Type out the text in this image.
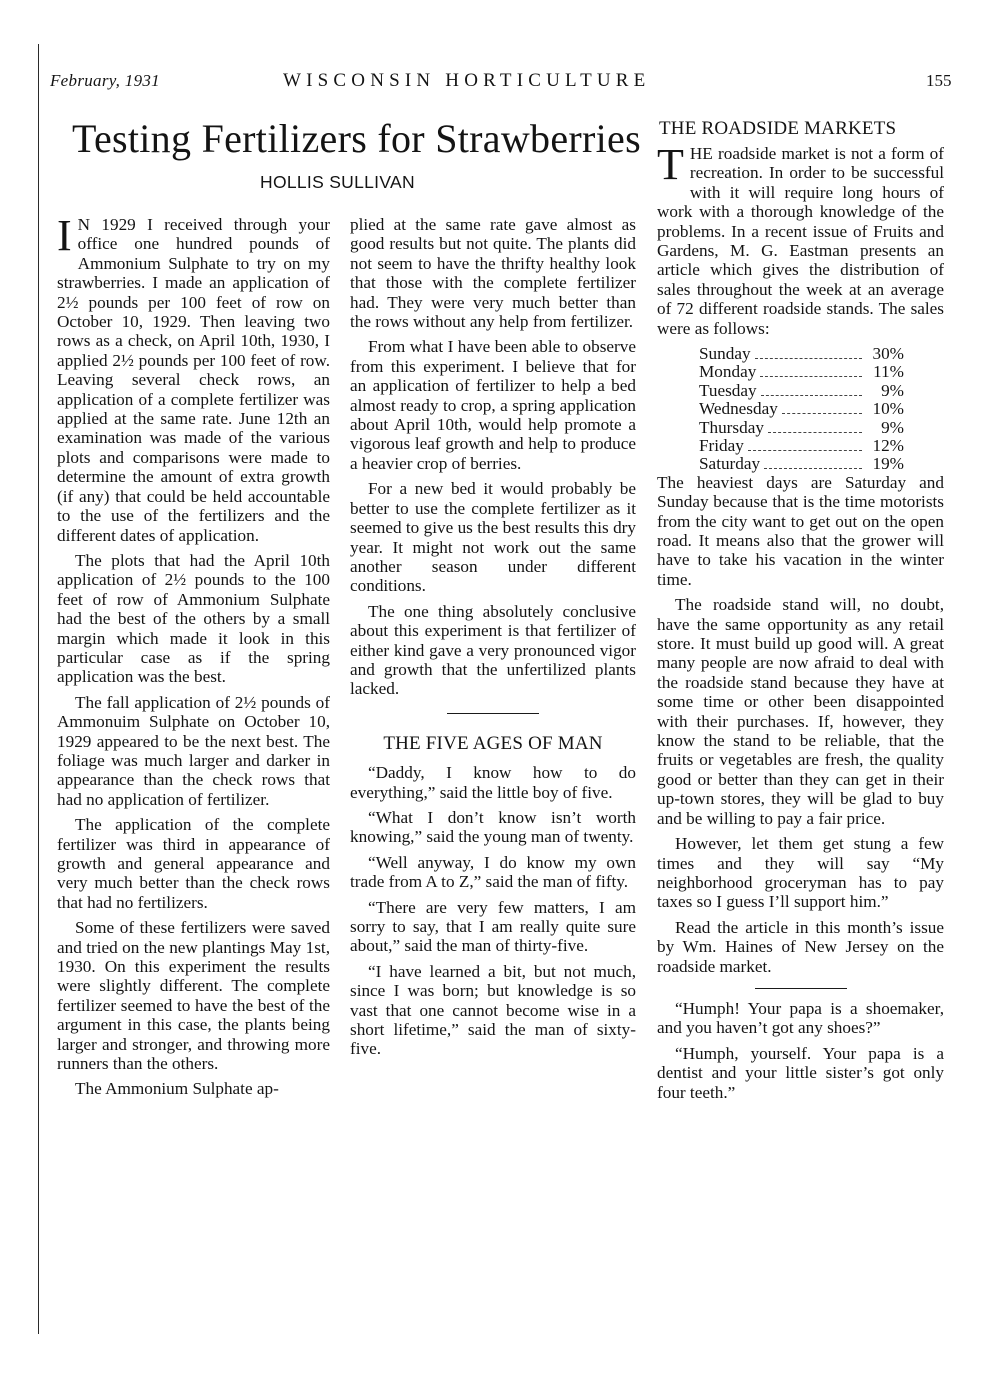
February, 1931	WISCONSIN HORTICULTURE	155
Testing Fertilizers for Strawberries
HOLLIS SULLIVAN

I N 1929 I received through your office one hundred pounds of Ammonium Sulphate to try on my strawberries. I made an application of 2½ pounds per 100 feet of row on October 10, 1929. Then leaving two rows as a check, on April 10th, 1930, I applied 2½ pounds per 100 feet of row. Leaving several check rows, an application of a complete fertilizer was applied at the same rate. June 12th an examination was made of the various plots and comparisons were made to determine the amount of extra growth (if any) that could be held accountable to the use of the fertilizers and the different dates of application.

The plots that had the April 10th application of 2½ pounds to the 100 feet of row of Ammonium Sulphate had the best of the others by a small margin which made it look in this particular case as if the spring application was the best.

The fall application of 2½ pounds of Ammonuim Sulphate on October 10, 1929 appeared to be the next best. The foliage was much larger and darker in appearance than the check rows that had no application of fertilizer.

The application of the complete fertilizer was third in appearance of growth and general appearance and very much better than the check rows that had no fertilizers.

Some of these fertilizers were saved and tried on the new plantings May 1st, 1930. On this experiment the results were slightly different. The complete fertilizer seemed to have the best of the argument in this case, the plants being larger and stronger, and throwing more runners than the others.

The Ammonium Sulphate ap-

plied at the same rate gave almost as good results but not quite. The plants did not seem to have the thrifty healthy look that those with the complete fertilizer had. They were very much better than the rows without any help from fertilizer.

From what I have been able to observe from this experiment. I believe that for an application of fertilizer to help a bed almost ready to crop, a spring application about April 10th, would help promote a vigorous leaf growth and help to produce a heavier crop of berries.

For a new bed it would probably be better to use the complete fertilizer as it seemed to give us the best results this dry year. It might not work out the same another season under different conditions.

The one thing absolutely conclusive about this experiment is that fertilizer of either kind gave a very pronounced vigor and growth that the unfertilized plants lacked.

THE FIVE AGES OF MAN

“Daddy, I know how to do everything,” said the little boy of five.

“What I don’t know isn’t worth knowing,” said the young man of twenty.

“Well anyway, I do know my own trade from A to Z,” said the man of fifty.

“There are very few matters, I am sorry to say, that I am really quite sure about,” said the man of thirty-five.

“I have learned a bit, but not much, since I was born; but knowledge is so vast that one cannot become wise in a short lifetime,” said the man of sixty-five.

THE ROADSIDE MARKETS

THE roadside market is not a form of recreation. In order to be successful with it will require long hours of work with a thorough knowledge of the problems. In a recent issue of Fruits and Gardens, M. G. Eastman presents an article which gives the distribution of sales throughout the week at an average of 72 different roadside stands. The sales were as follows:

Sunday	30%
Monday	11%
Tuesday	9%
Wednesday	10%
Thursday	9%
Friday	12%
Saturday	19%

The heaviest days are Saturday and Sunday because that is the time motorists from the city want to get out on the open road. It means also that the grower will have to take his vacation in the winter time.

The roadside stand will, no doubt, have the same opportunity as any retail store. It must build up good will. A great many people are now afraid to deal with the roadside stand because they have at some time or other been disappointed with their purchases. If, however, they know the stand to be reliable, that the fruits or vegetables are fresh, the quality good or better than they can get in their up-town stores, they will be glad to buy and be willing to pay a fair price.

However, let them get stung a few times and they will say “My neighborhood groceryman has to pay taxes so I guess I’ll support him.”

Read the article in this month’s issue by Wm. Haines of New Jersey on the roadside market.

“Humph! Your papa is a shoemaker, and you haven’t got any shoes?”

“Humph, yourself. Your papa is a dentist and your little sister’s got only four teeth.”
